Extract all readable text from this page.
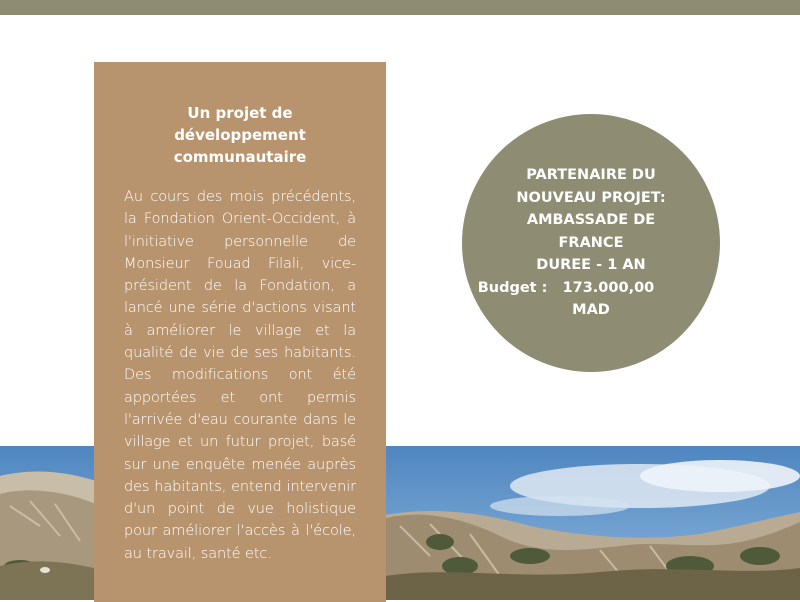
Un projet de
développement
communautaire

Au cours des mois précédents, la Fondation Orient-Occident, à l'initiative personnelle de Monsieur Fouad Filali, vice-président de la Fondation, a lancé une série d'actions visant à améliorer le village et la qualité de vie de ses habitants. Des modifications ont été apportées et ont permis l'arrivée d'eau courante dans le village et un futur projet, basé sur une enquête menée auprès des habitants, entend intervenir d'un point de vue holistique pour améliorer l'accès à l'école, au travail, santé etc.

PARTENAIRE DU
NOUVEAU PROJET:
AMBASSADE DE
FRANCE
DUREE - 1 AN
Budget : 173.000,00
MAD
